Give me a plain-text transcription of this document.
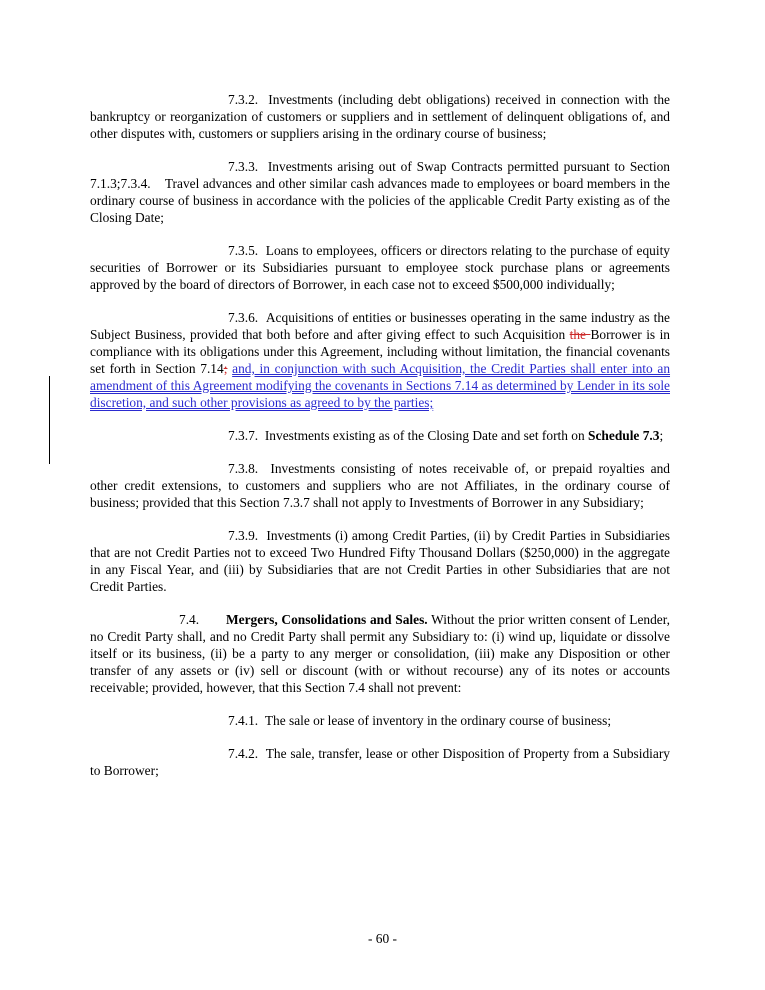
7.3.2. Investments (including debt obligations) received in connection with the bankruptcy or reorganization of customers or suppliers and in settlement of delinquent obligations of, and other disputes with, customers or suppliers arising in the ordinary course of business;

7.3.3. Investments arising out of Swap Contracts permitted pursuant to Section 7.1.3;7.3.4.    Travel advances and other similar cash advances made to employees or board members in the ordinary course of business in accordance with the policies of the applicable Credit Party existing as of the Closing Date;

7.3.5. Loans to employees, officers or directors relating to the purchase of equity securities of Borrower or its Subsidiaries pursuant to employee stock purchase plans or agreements approved by the board of directors of Borrower, in each case not to exceed $500,000 individually;

7.3.6. Acquisitions of entities or businesses operating in the same industry as the Subject Business, provided that both before and after giving effect to such Acquisition the Borrower is in compliance with its obligations under this Agreement, including without limitation, the financial covenants set forth in Section 7.14; and, in conjunction with such Acquisition, the Credit Parties shall enter into an amendment of this Agreement modifying the covenants in Sections 7.14 as determined by Lender in its sole discretion, and such other provisions as agreed to by the parties;

7.3.7. Investments existing as of the Closing Date and set forth on Schedule 7.3;

7.3.8. Investments consisting of notes receivable of, or prepaid royalties and other credit extensions, to customers and suppliers who are not Affiliates, in the ordinary course of business; provided that this Section 7.3.7 shall not apply to Investments of Borrower in any Subsidiary;

7.3.9. Investments (i) among Credit Parties, (ii) by Credit Parties in Subsidiaries that are not Credit Parties not to exceed Two Hundred Fifty Thousand Dollars ($250,000) in the aggregate in any Fiscal Year, and (iii) by Subsidiaries that are not Credit Parties in other Subsidiaries that are not Credit Parties.

7.4. Mergers, Consolidations and Sales. Without the prior written consent of Lender, no Credit Party shall, and no Credit Party shall permit any Subsidiary to: (i) wind up, liquidate or dissolve itself or its business, (ii) be a party to any merger or consolidation, (iii) make any Disposition or other transfer of any assets or (iv) sell or discount (with or without recourse) any of its notes or accounts receivable; provided, however, that this Section 7.4 shall not prevent:

7.4.1. The sale or lease of inventory in the ordinary course of business;

7.4.2. The sale, transfer, lease or other Disposition of Property from a Subsidiary to Borrower;

- 60 -
